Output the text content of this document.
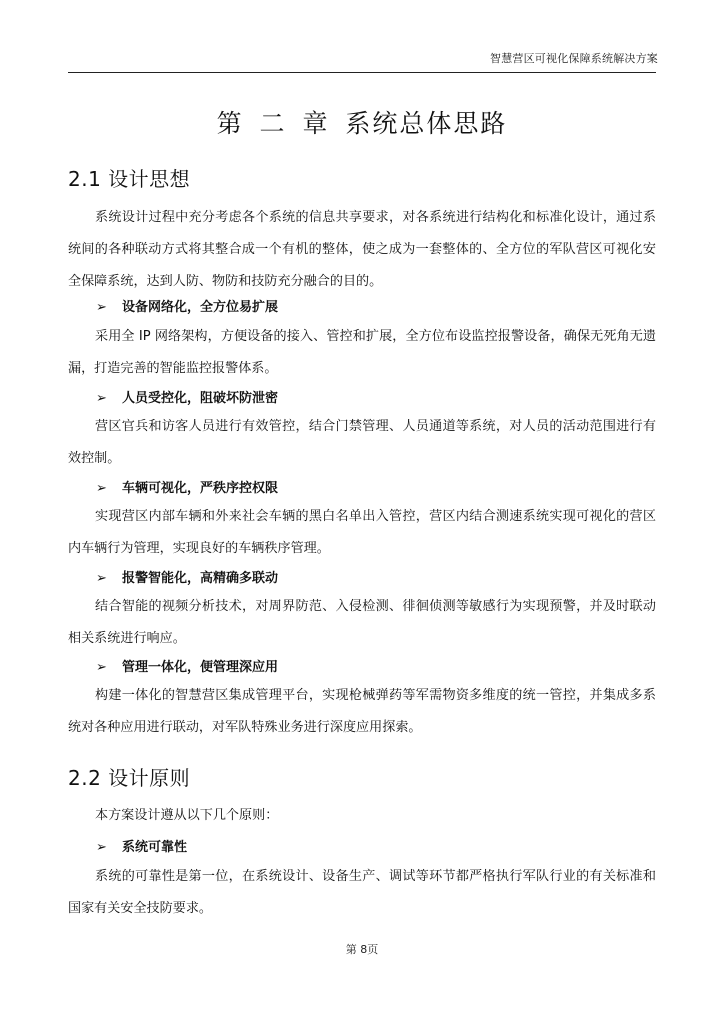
智慧营区可视化保障系统解决方案
第 二 章 系统总体思路
2.1 设计思想
系统设计过程中充分考虑各个系统的信息共享要求，对各系统进行结构化和标准化设计，通过系统间的各种联动方式将其整合成一个有机的整体，使之成为一套整体的、全方位的军队营区可视化安全保障系统，达到人防、物防和技防充分融合的目的。
➢ 设备网络化，全方位易扩展
采用全 IP 网络架构，方便设备的接入、管控和扩展，全方位布设监控报警设备，确保无死角无遗漏，打造完善的智能监控报警体系。
➢ 人员受控化，阻破坏防泄密
营区官兵和访客人员进行有效管控，结合门禁管理、人员通道等系统，对人员的活动范围进行有效控制。
➢ 车辆可视化，严秩序控权限
实现营区内部车辆和外来社会车辆的黑白名单出入管控，营区内结合测速系统实现可视化的营区内车辆行为管理，实现良好的车辆秩序管理。
➢ 报警智能化，高精确多联动
结合智能的视频分析技术，对周界防范、入侵检测、徘徊侦测等敏感行为实现预警，并及时联动相关系统进行响应。
➢ 管理一体化，便管理深应用
构建一体化的智慧营区集成管理平台，实现枪械弹药等军需物资多维度的统一管控，并集成多系统对各种应用进行联动，对军队特殊业务进行深度应用探索。
2.2 设计原则
本方案设计遵从以下几个原则：
➢ 系统可靠性
系统的可靠性是第一位，在系统设计、设备生产、调试等环节都严格执行军队行业的有关标准和国家有关安全技防要求。
第 8页
